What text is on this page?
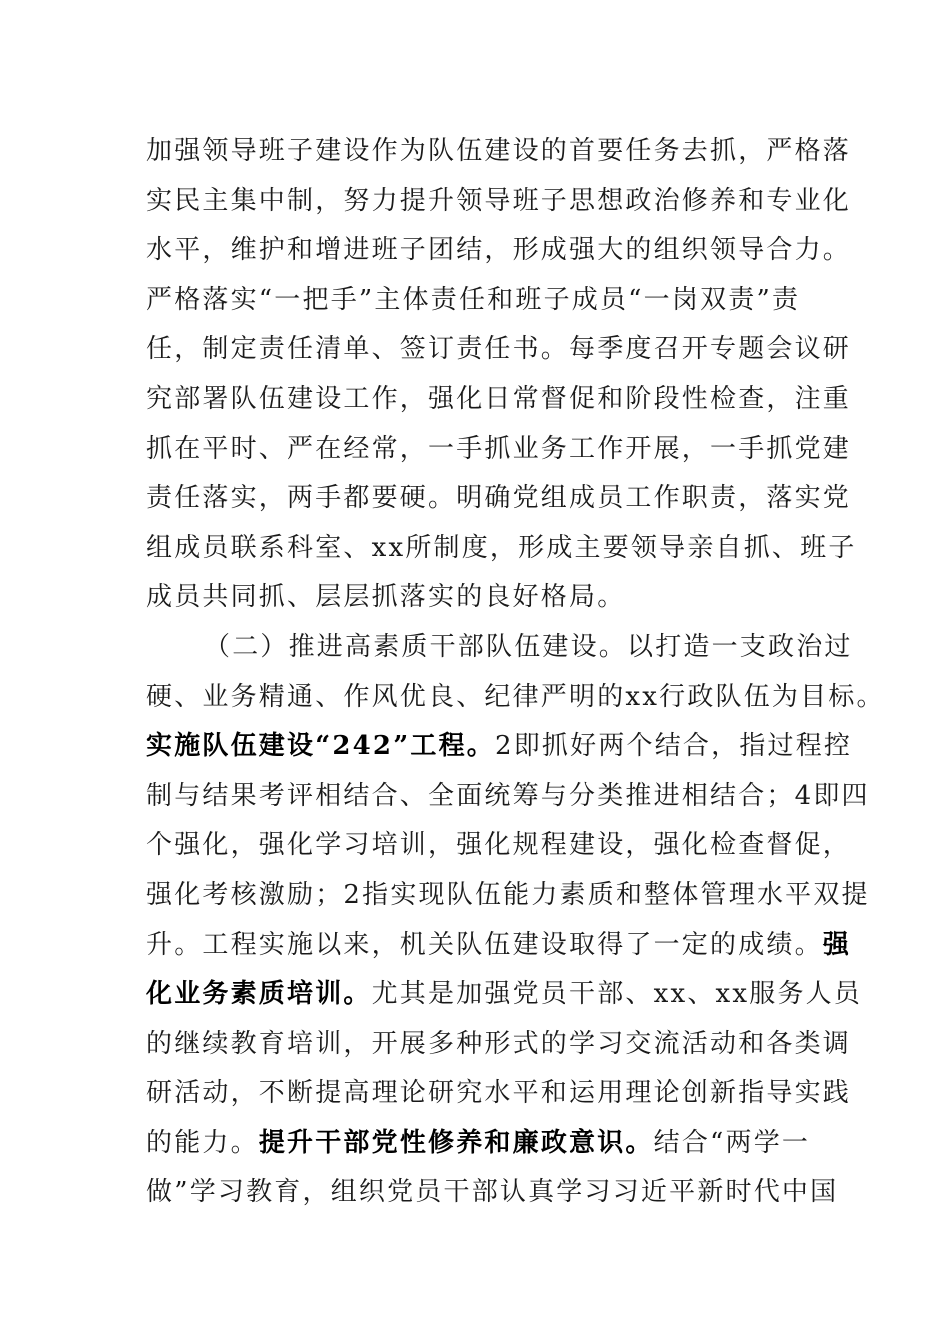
加强领导班子建设作为队伍建设的首要任务去抓，严格落
实民主集中制，努力提升领导班子思想政治修养和专业化
水平，维护和增进班子团结，形成强大的组织领导合力。
严格落实“一把手”主体责任和班子成员“一岗双责”责
任，制定责任清单、签订责任书。每季度召开专题会议研
究部署队伍建设工作，强化日常督促和阶段性检查，注重
抓在平时、严在经常，一手抓业务工作开展，一手抓党建
责任落实，两手都要硬。明确党组成员工作职责，落实党
组成员联系科室、xx所制度，形成主要领导亲自抓、班子
成员共同抓、层层抓落实的良好格局。
（二）推进高素质干部队伍建设。以打造一支政治过
硬、业务精通、作风优良、纪律严明的xx行政队伍为目标。
实施队伍建设“242”工程。2即抓好两个结合，指过程控
制与结果考评相结合、全面统筹与分类推进相结合；4即四
个强化，强化学习培训，强化规程建设，强化检查督促，
强化考核激励；2指实现队伍能力素质和整体管理水平双提
升。工程实施以来，机关队伍建设取得了一定的成绩。强
化业务素质培训。尤其是加强党员干部、xx、xx服务人员
的继续教育培训，开展多种形式的学习交流活动和各类调
研活动，不断提高理论研究水平和运用理论创新指导实践
的能力。提升干部党性修养和廉政意识。结合“两学一
做”学习教育，组织党员干部认真学习习近平新时代中国
